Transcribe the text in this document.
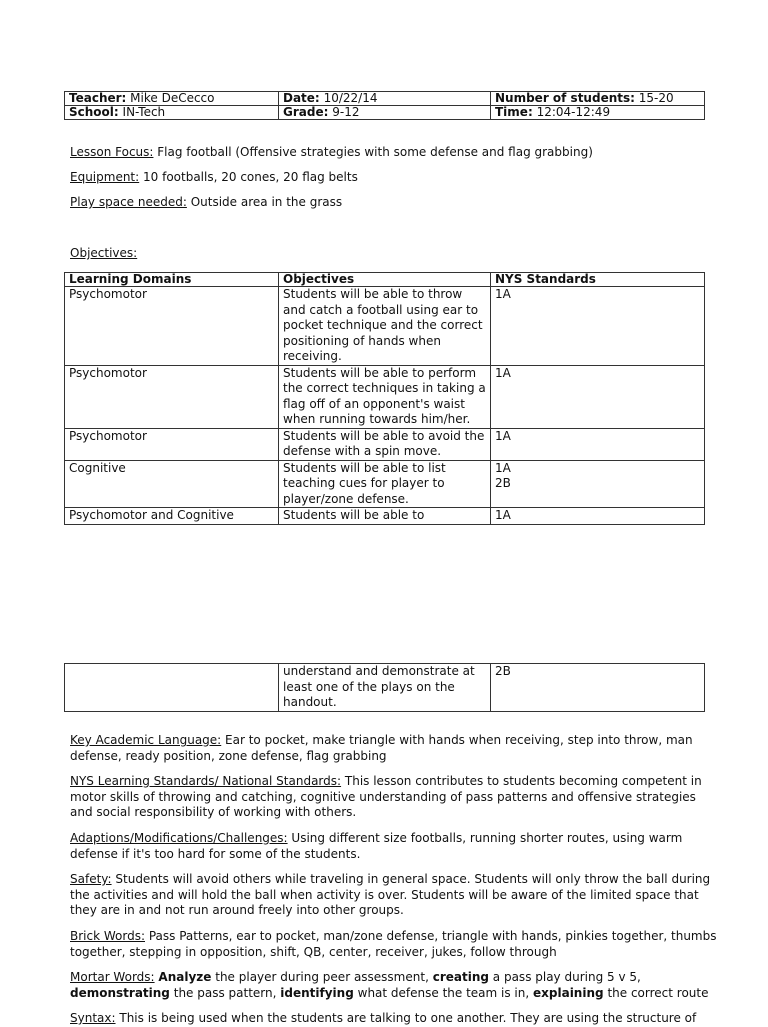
Teacher: Mike DeCecco	Date: 10/22/14	Number of students: 15-20
School: IN-Tech	Grade: 9-12	Time: 12:04-12:49
Lesson Focus: Flag football (Offensive strategies with some defense and flag grabbing)
Equipment: 10 footballs, 20 cones, 20 flag belts
Play space needed: Outside area in the grass
Objectives:
Learning Domains	Objectives	NYS Standards
Psychomotor	Students will be able to throw and catch a football using ear to pocket technique and the correct positioning of hands when receiving.	1A
Psychomotor	Students will be able to perform the correct techniques in taking a flag off of an opponent's waist when running towards him/her.	1A
Psychomotor	Students will be able to avoid the defense with a spin move.	1A
Cognitive	Students will be able to list teaching cues for player to player/zone defense.	1A
2B

Psychomotor and Cognitive	Students will be able to	1A
	understand and demonstrate at least one of the plays on the handout.	2B
Key Academic Language: Ear to pocket, make triangle with hands when receiving, step into throw, man defense, ready position, zone defense, flag grabbing
NYS Learning Standards/ National Standards: This lesson contributes to students becoming competent in motor skills of throwing and catching, cognitive understanding of pass patterns and offensive strategies and social responsibility of working with others.
Adaptions/Modifications/Challenges: Using different size footballs, running shorter routes, using warm defense if it's too hard for some of the students.
Safety: Students will avoid others while traveling in general space. Students will only throw the ball during the activities and will hold the ball when activity is over. Students will be aware of the limited space that they are in and not run around freely into other groups.
Brick Words: Pass Patterns, ear to pocket, man/zone defense, triangle with hands, pinkies together, thumbs together, stepping in opposition, shift, QB, center, receiver, jukes, follow through
Mortar Words: Analyze the player during peer assessment, creating a pass play during 5 v 5, demonstrating the pass pattern, identifying what defense the team is in, explaining the correct route
Syntax: This is being used when the students are talking to one another. They are using the structure of
